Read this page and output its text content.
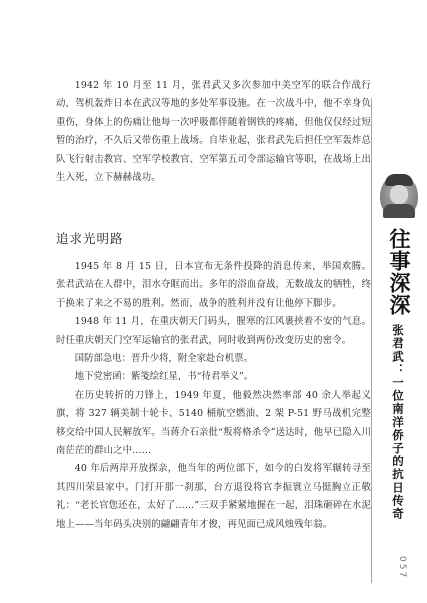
1942 年 10 月至 11 月，张君武又多次参加中美空军的联合作战行动，驾机轰炸日本在武汉等地的多处军事设施。在一次战斗中，他不幸身负重伤，身体上的伤痛让他每一次呼吸都伴随着钢铁的疼痛，但他仅仅经过短暂的治疗，不久后又带伤重上战场。自毕业起，张君武先后担任空军轰炸总队飞行射击教官、空军学校教官、空军第五司令部运输官等职，在战场上出生入死，立下赫赫战功。

追求光明路

1945 年 8 月 15 日，日本宣布无条件投降的消息传来，举国欢腾。张君武站在人群中，泪水夺眶而出。多年的浴血奋战，无数战友的牺牲，终于换来了来之不易的胜利。然而，战争的胜利并没有让他停下脚步。

1948 年 11 月，在重庆朝天门码头，腥寒的江风裹挟着不安的气息。时任重庆朝天门空军运输官的张君武，同时收到两份改变历史的密令。

国防部急电：晋升少将，附全家赴台机票。

地下党密函：紫笺绘红星，书“待君举义”。

在历史转折的刀锋上，1949 年夏，他毅然决然率部 40 余人举起义旗，将 327 辆美制十轮卡、5140 桶航空燃油、2 架 P-51 野马战机完整移交给中国人民解放军。当蒋介石亲批“叛将格杀令”送达时，他早已隐入川南茫茫的群山之中……

40 年后两岸开放探亲，他当年的两位部下，如今的白发将军辗转寻至其四川荣县家中。门打开那一刹那，台方退役将官李振寰立马挺胸立正敬礼：“老长官您还在，太好了……”三双手紧紧地握在一起，泪珠砸碎在水泥地上——当年码头决别的翩翩青年才俊，再见面已成风烛残年翁。

往事深深
张君武：一位南洋侨子的抗日传奇
057
